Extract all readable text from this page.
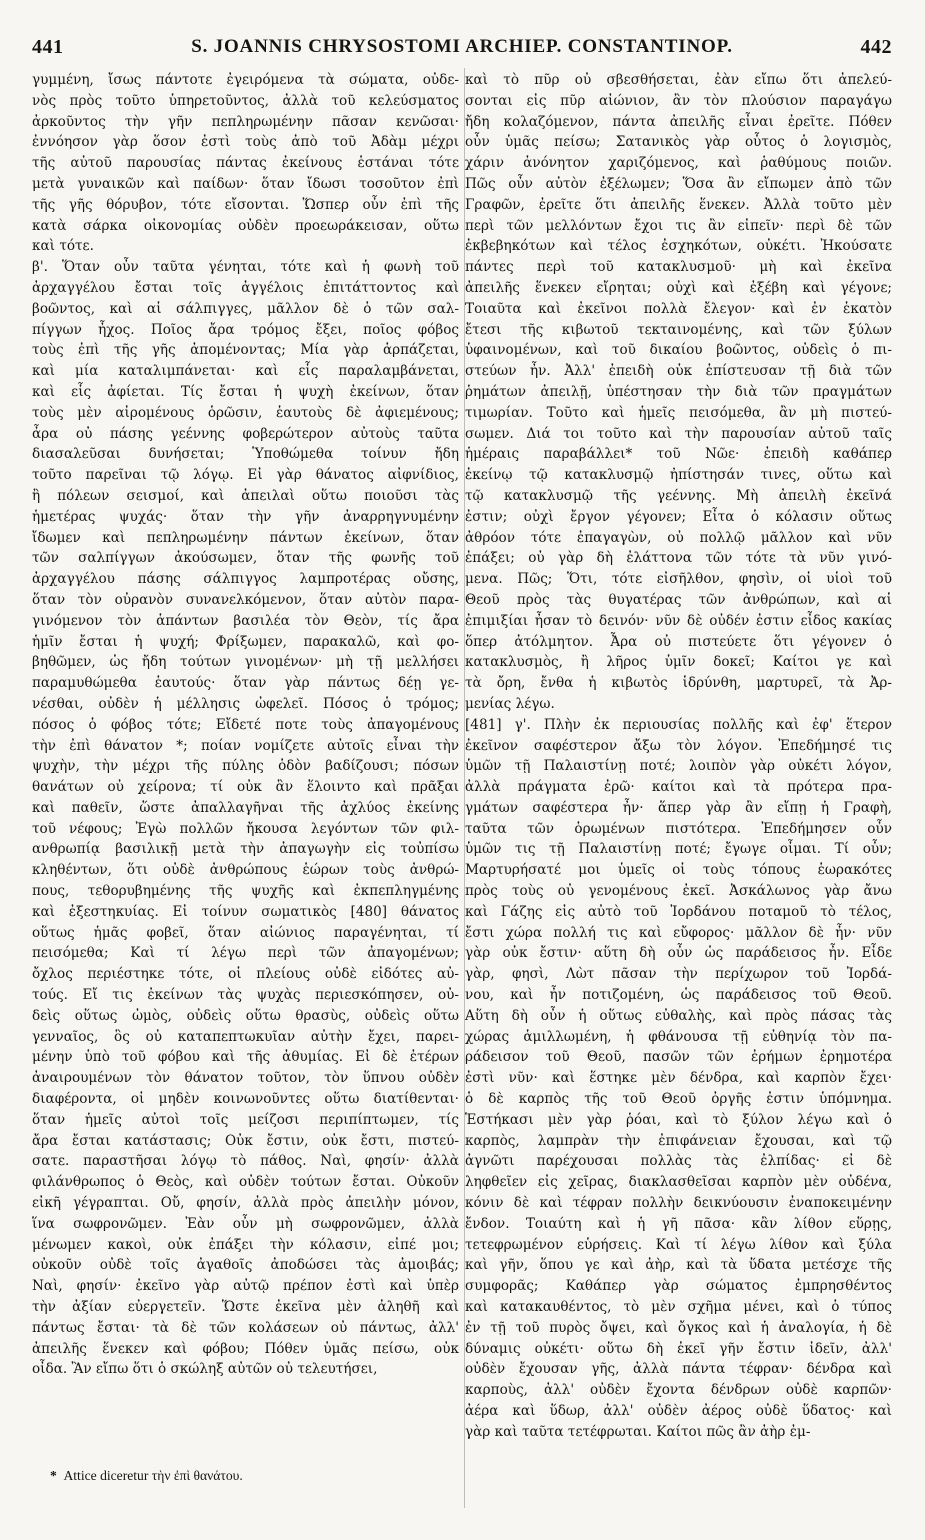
441	S. JOANNIS CHRYSOSTOMI ARCHIEP. CONSTANTINOP.	442
γυμμένη, ἴσως πάντοτε ἐγειρόμενα τὰ σώματα, οὐδε-
νὸς πρὸς τοῦτο ὑπηρετοῦντος, ἀλλὰ τοῦ κελεύσματος
ἀρκοῦντος τὴν γῆν πεπληρωμένην πᾶσαν κενῶσαι·
ἐννόησον γὰρ ὅσον ἐστὶ τοὺς ἀπὸ τοῦ Ἀδὰμ μέχρι
τῆς αὐτοῦ παρουσίας πάντας ἐκείνους ἑστάναι τότε
μετὰ γυναικῶν καὶ παίδων· ὅταν ἴδωσι τοσοῦτον ἐπὶ
τῆς γῆς θόρυβον, τότε εἴσονται. Ὥσπερ οὖν ἐπὶ τῆς
κατὰ σάρκα οἰκονομίας οὐδὲν προεωράκεισαν, οὕτω
καὶ τότε.
β'. Ὅταν οὖν ταῦτα γένηται, τότε καὶ ἡ φωνὴ τοῦ
ἀρχαγγέλου ἔσται τοῖς ἀγγέλοις ἐπιτάττοντος καὶ
βοῶντος, καὶ αἱ σάλπιγγες, μᾶλλον δὲ ὁ τῶν σαλ-
πίγγων ἦχος. Ποῖος ἄρα τρόμος ἔξει, ποῖος φόβος
τοὺς ἐπὶ τῆς γῆς ἀπομένοντας; Μία γὰρ ἁρπάζεται,
καὶ μία καταλιμπάνεται· καὶ εἷς παραλαμβάνεται,
καὶ εἷς ἀφίεται. Τίς ἔσται ἡ ψυχὴ ἐκείνων, ὅταν
τοὺς μὲν αἰρομένους ὁρῶσιν, ἑαυτοὺς δὲ ἀφιεμένους;
ἆρα οὐ πάσης γεέννης φοβερώτερον αὐτοὺς ταῦτα
διασαλεῦσαι δυνήσεται; Ὑποθώμεθα τοίνυν ἤδη
τοῦτο παρεῖναι τῷ λόγῳ. Εἰ γὰρ θάνατος αἰφνίδιος,
ἢ πόλεων σεισμοί, καὶ ἀπειλαὶ οὕτω ποιοῦσι τὰς
ἡμετέρας ψυχάς· ὅταν τὴν γῆν ἀναρρηγνυμένην
ἴδωμεν καὶ πεπληρωμένην πάντων ἐκείνων, ὅταν
τῶν σαλπίγγων ἀκούσωμεν, ὅταν τῆς φωνῆς τοῦ
ἀρχαγγέλου πάσης σάλπιγγος λαμπροτέρας οὔσης,
ὅταν τὸν οὐρανὸν συνανελκόμενον, ὅταν αὐτὸν παρα-
γινόμενον τὸν ἁπάντων βασιλέα τὸν Θεὸν, τίς ἄρα
ἡμῖν ἔσται ἡ ψυχή; Φρίξωμεν, παρακαλῶ, καὶ φο-
βηθῶμεν, ὡς ἤδη τούτων γινομένων· μὴ τῇ μελλήσει
παραμυθώμεθα ἑαυτούς· ὅταν γὰρ πάντως δέῃ γε-
νέσθαι, οὐδὲν ἡ μέλλησις ὠφελεῖ. Πόσος ὁ τρόμος;
πόσος ὁ φόβος τότε; Εἴδετέ ποτε τοὺς ἀπαγομένους
τὴν ἐπὶ θάνατον *; ποίαν νομίζετε αὐτοῖς εἶναι τὴν
ψυχὴν, τὴν μέχρι τῆς πύλης ὁδὸν βαδίζουσι; πόσων
θανάτων οὐ χείρονα; τί οὐκ ἂν ἕλοιντο καὶ πρᾶξαι
καὶ παθεῖν, ὥστε ἀπαλλαγῆναι τῆς ἀχλύος ἐκείνης
τοῦ νέφους; Ἐγὼ πολλῶν ἤκουσα λεγόντων τῶν φιλ-
ανθρωπίᾳ βασιλικῇ μετὰ τὴν ἀπαγωγὴν εἰς τοὐπίσω
κληθέντων, ὅτι οὐδὲ ἀνθρώπους ἑώρων τοὺς ἀνθρώ-
πους, τεθορυβημένης τῆς ψυχῆς καὶ ἐκπεπληγμένης
καὶ ἐξεστηκυίας. Εἰ τοίνυν σωματικὸς [480] θάνατος
οὕτως ἡμᾶς φοβεῖ, ὅταν αἰώνιος παραγένηται, τί
πεισόμεθα; Καὶ τί λέγω περὶ τῶν ἀπαγομένων;
ὄχλος περιέστηκε τότε, οἱ πλείους οὐδὲ εἰδότες αὐ-
τούς. Εἴ τις ἐκείνων τὰς ψυχὰς περιεσκόπησεν, οὐ-
δεὶς οὕτως ὠμὸς, οὐδεὶς οὕτω θρασὺς, οὐδεὶς οὕτω
γενναῖος, ὃς οὐ καταπεπτωκυῖαν αὐτὴν ἔχει, παρει-
μένην ὑπὸ τοῦ φόβου καὶ τῆς ἀθυμίας. Εἰ δὲ ἑτέρων
ἀναιρουμένων τὸν θάνατον τοῦτον, τὸν ὕπνου οὐδὲν
διαφέροντα, οἱ μηδὲν κοινωνοῦντες οὕτω διατίθενται·
ὅταν ἡμεῖς αὐτοὶ τοῖς μείζοσι περιπίπτωμεν, τίς
ἄρα ἔσται κατάστασις; Οὐκ ἔστιν, οὐκ ἔστι, πιστεύ-
σατε. παραστῆσαι λόγῳ τὸ πάθος. Ναὶ, φησίν· ἀλλὰ
φιλάνθρωπος ὁ Θεὸς, καὶ οὐδὲν τούτων ἔσται. Οὐκοῦν
εἰκῆ γέγραπται. Οὔ, φησίν, ἀλλὰ πρὸς ἀπειλὴν μόνον,
ἵνα σωφρονῶμεν. Ἐὰν οὖν μὴ σωφρονῶμεν, ἀλλὰ
μένωμεν κακοὶ, οὐκ ἐπάξει τὴν κόλασιν, εἰπέ μοι;
οὐκοῦν οὐδὲ τοῖς ἀγαθοῖς ἀποδώσει τὰς ἀμοιβάς;
Ναὶ, φησίν· ἐκεῖνο γὰρ αὐτῷ πρέπον ἐστὶ καὶ ὑπὲρ
τὴν ἀξίαν εὐεργετεῖν. Ὥστε ἐκεῖνα μὲν ἀληθῆ καὶ
πάντως ἔσται· τὰ δὲ τῶν κολάσεων οὐ πάντως, ἀλλ'
ἀπειλῆς ἕνεκεν καὶ φόβου; Πόθεν ὑμᾶς πείσω, οὐκ
οἶδα. Ἂν εἴπω ὅτι ὁ σκώληξ αὐτῶν οὐ τελευτήσει,
καὶ τὸ πῦρ οὐ σβεσθήσεται, ἐὰν εἴπω ὅτι ἀπελεύ-
σονται εἰς πῦρ αἰώνιον, ἂν τὸν πλούσιον παραγάγω
ἤδη κολαζόμενον, πάντα ἀπειλῆς εἶναι ἐρεῖτε. Πόθεν
οὖν ὑμᾶς πείσω; Σατανικὸς γὰρ οὗτος ὁ λογισμὸς,
χάριν ἀνόνητον χαριζόμενος, καὶ ῥαθύμους ποιῶν.
Πῶς οὖν αὐτὸν ἐξέλωμεν; Ὅσα ἂν εἴπωμεν ἀπὸ τῶν
Γραφῶν, ἐρεῖτε ὅτι ἀπειλῆς ἕνεκεν. Ἀλλὰ τοῦτο μὲν
περὶ τῶν μελλόντων ἔχοι τις ἂν εἰπεῖν· περὶ δὲ τῶν
ἐκβεβηκότων καὶ τέλος ἐσχηκότων, οὐκέτι. Ἠκούσατε
πάντες περὶ τοῦ κατακλυσμοῦ· μὴ καὶ ἐκεῖνα
ἀπειλῆς ἕνεκεν εἴρηται; οὐχὶ καὶ ἐξέβη καὶ γέγονε;
Τοιαῦτα καὶ ἐκεῖνοι πολλὰ ἔλεγον· καὶ ἐν ἑκατὸν
ἔτεσι τῆς κιβωτοῦ τεκταινομένης, καὶ τῶν ξύλων
ὑφαινομένων, καὶ τοῦ δικαίου βοῶντος, οὐδεὶς ὁ πι-
στεύων ἦν. Ἀλλ' ἐπειδὴ οὐκ ἐπίστευσαν τῇ διὰ τῶν
ῥημάτων ἀπειλῇ, ὑπέστησαν τὴν διὰ τῶν πραγμάτων
τιμωρίαν. Τοῦτο καὶ ἡμεῖς πεισόμεθα, ἂν μὴ πιστεύ-
σωμεν. Διά τοι τοῦτο καὶ τὴν παρουσίαν αὐτοῦ ταῖς
ἡμέραις παραβάλλει* τοῦ Νῶε· ἐπειδὴ καθάπερ
ἐκείνῳ τῷ κατακλυσμῷ ἠπίστησάν τινες, οὕτω καὶ
τῷ κατακλυσμῷ τῆς γεέννης. Μὴ ἀπειλὴ ἐκεῖνά
ἐστιν; οὐχὶ ἔργον γέγονεν; Εἶτα ὁ κόλασιν οὕτως
ἀθρόον τότε ἐπαγαγὼν, οὐ πολλῷ μᾶλλον καὶ νῦν
ἐπάξει; οὐ γὰρ δὴ ἐλάττονα τῶν τότε τὰ νῦν γινό-
μενα. Πῶς; Ὅτι, τότε εἰσῆλθον, φησὶν, οἱ υἱοὶ τοῦ
Θεοῦ πρὸς τὰς θυγατέρας τῶν ἀνθρώπων, καὶ αἱ
ἐπιμιξίαι ἦσαν τὸ δεινόν· νῦν δὲ οὐδέν ἐστιν εἶδος κακίας
ὅπερ ἀτόλμητον. Ἆρα οὐ πιστεύετε ὅτι γέγονεν ὁ
κατακλυσμὸς, ἢ λῆρος ὑμῖν δοκεῖ; Καίτοι γε καὶ
τὰ ὄρη, ἔνθα ἡ κιβωτὸς ἱδρύνθη, μαρτυρεῖ, τὰ Ἀρ-
μενίας λέγω.
[481] γ'. Πλὴν ἐκ περιουσίας πολλῆς καὶ ἐφ' ἕτερον
ἐκεῖνον σαφέστερον ἄξω τὸν λόγον. Ἐπεδήμησέ τις
ὑμῶν τῇ Παλαιστίνῃ ποτέ; λοιπὸν γὰρ οὐκέτι λόγον,
ἀλλὰ πράγματα ἐρῶ· καίτοι καὶ τὰ πρότερα πρα-
γμάτων σαφέστερα ἦν· ἅπερ γὰρ ἂν εἴπῃ ἡ Γραφὴ,
ταῦτα τῶν ὁρωμένων πιστότερα. Ἐπεδήμησεν οὖν
ὑμῶν τις τῇ Παλαιστίνῃ ποτέ; ἔγωγε οἶμαι. Τί οὖν;
Μαρτυρήσατέ μοι ὑμεῖς οἱ τοὺς τόπους ἑωρακότες
πρὸς τοὺς οὐ γενομένους ἐκεῖ. Ἀσκάλωνος γὰρ ἄνω
καὶ Γάζης εἰς αὐτὸ τοῦ Ἰορδάνου ποταμοῦ τὸ τέλος,
ἔστι χώρα πολλή τις καὶ εὔφορος· μᾶλλον δὲ ἦν· νῦν
γὰρ οὐκ ἔστιν· αὕτη δὴ οὖν ὡς παράδεισος ἦν. Εἶδε
γὰρ, φησὶ, Λὼτ πᾶσαν τὴν περίχωρον τοῦ Ἰορδά-
νου, καὶ ἦν ποτιζομένη, ὡς παράδεισος τοῦ Θεοῦ.
Αὕτη δὴ οὖν ἡ οὕτως εὐθαλὴς, καὶ πρὸς πάσας τὰς
χώρας ἁμιλλωμένη, ἡ φθάνουσα τῇ εὐθηνίᾳ τὸν πα-
ράδεισον τοῦ Θεοῦ, πασῶν τῶν ἐρήμων ἐρημοτέρα
ἐστὶ νῦν· καὶ ἕστηκε μὲν δένδρα, καὶ καρπὸν ἔχει·
ὁ δὲ καρπὸς τῆς τοῦ Θεοῦ ὀργῆς ἐστιν ὑπόμνημα.
Ἑστήκασι μὲν γὰρ ῥόαι, καὶ τὸ ξύλον λέγω καὶ ὁ
καρπὸς, λαμπρὰν τὴν ἐπιφάνειαν ἔχουσαι, καὶ τῷ
ἀγνῶτι παρέχουσαι πολλὰς τὰς ἐλπίδας· εἰ δὲ
ληφθεῖεν εἰς χεῖρας, διακλασθεῖσαι καρπὸν μὲν οὐδένα,
κόνιν δὲ καὶ τέφραν πολλὴν δεικνύουσιν ἐναποκειμένην
ἔνδον. Τοιαύτη καὶ ἡ γῆ πᾶσα· κἂν λίθον εὕρῃς,
τετεφρωμένον εὑρήσεις. Καὶ τί λέγω λίθον καὶ ξύλα
καὶ γῆν, ὅπου γε καὶ ἀὴρ, καὶ τὰ ὕδατα μετέσχε τῆς
συμφορᾶς; Καθάπερ γὰρ σώματος ἐμπρησθέντος
καὶ κατακαυθέντος, τὸ μὲν σχῆμα μένει, καὶ ὁ τύπος
ἐν τῇ τοῦ πυρὸς ὄψει, καὶ ὄγκος καὶ ἡ ἀναλογία, ἡ δὲ
δύναμις οὐκέτι· οὕτω δὴ ἐκεῖ γῆν ἔστιν ἰδεῖν, ἀλλ'
οὐδὲν ἔχουσαν γῆς, ἀλλὰ πάντα τέφραν· δένδρα καὶ
καρποὺς, ἀλλ' οὐδὲν ἔχοντα δένδρων οὐδὲ καρπῶν·
ἀέρα καὶ ὕδωρ, ἀλλ' οὐδὲν ἀέρος οὐδὲ ὕδατος· καὶ
γὰρ καὶ ταῦτα τετέφρωται. Καίτοι πῶς ἂν ἀὴρ ἐμ-
* Attice diceretur τὴν ἐπὶ θανάτου.
